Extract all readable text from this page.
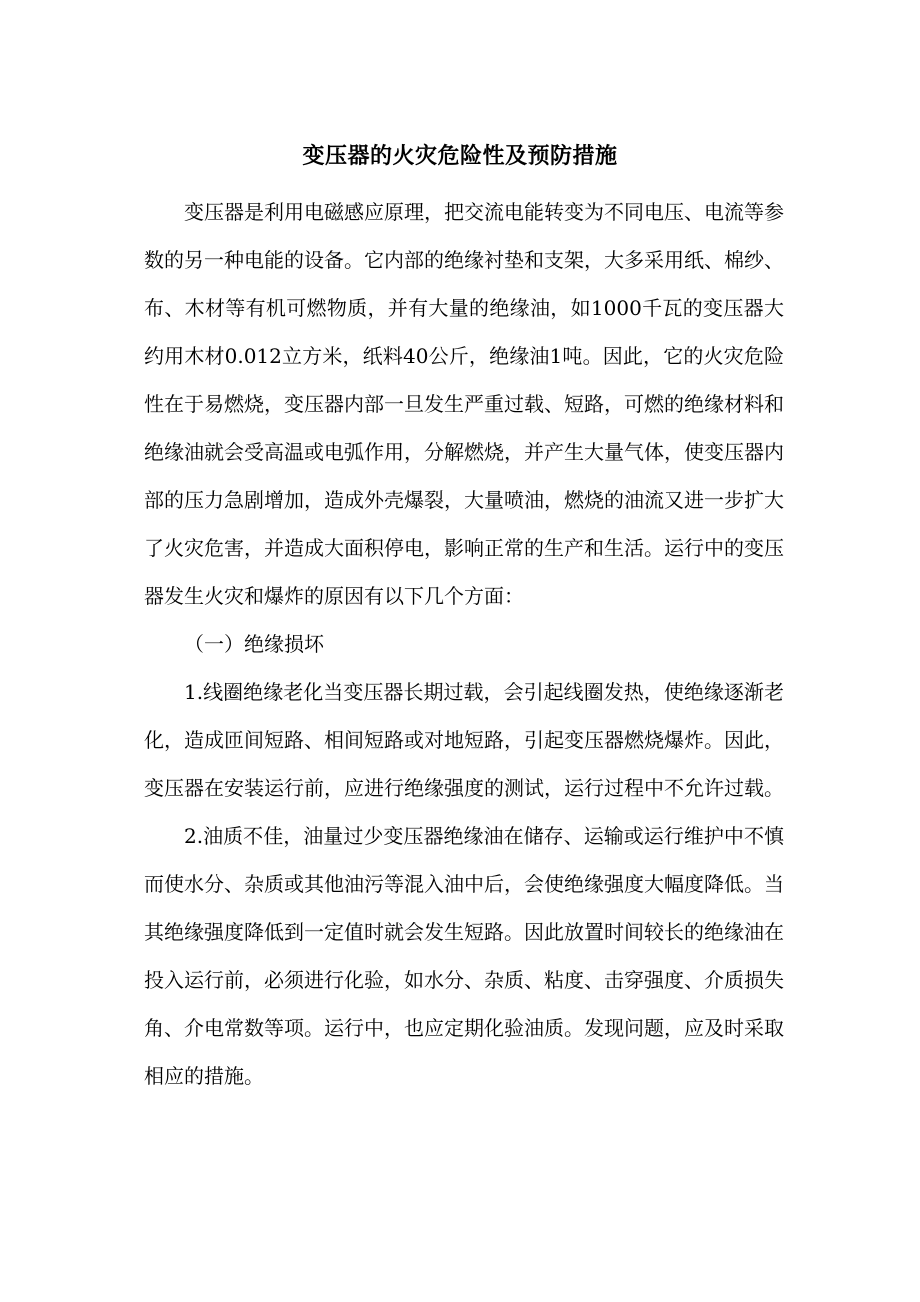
变压器的火灾危险性及预防措施

变压器是利用电磁感应原理，把交流电能转变为不同电压、电流等参数的另一种电能的设备。它内部的绝缘衬垫和支架，大多采用纸、棉纱、布、木材等有机可燃物质，并有大量的绝缘油，如1000千瓦的变压器大约用木材0.012立方米，纸料40公斤，绝缘油1吨。因此，它的火灾危险性在于易燃烧，变压器内部一旦发生严重过载、短路，可燃的绝缘材料和绝缘油就会受高温或电弧作用，分解燃烧，并产生大量气体，使变压器内部的压力急剧增加，造成外壳爆裂，大量喷油，燃烧的油流又进一步扩大了火灾危害，并造成大面积停电，影响正常的生产和生活。运行中的变压器发生火灾和爆炸的原因有以下几个方面：

（一）绝缘损坏

1.线圈绝缘老化当变压器长期过载，会引起线圈发热，使绝缘逐渐老化，造成匝间短路、相间短路或对地短路，引起变压器燃烧爆炸。因此，变压器在安装运行前，应进行绝缘强度的测试，运行过程中不允许过载。

2.油质不佳，油量过少变压器绝缘油在储存、运输或运行维护中不慎而使水分、杂质或其他油污等混入油中后，会使绝缘强度大幅度降低。当其绝缘强度降低到一定值时就会发生短路。因此放置时间较长的绝缘油在投入运行前，必须进行化验，如水分、杂质、粘度、击穿强度、介质损失角、介电常数等项。运行中，也应定期化验油质。发现问题，应及时采取相应的措施。
